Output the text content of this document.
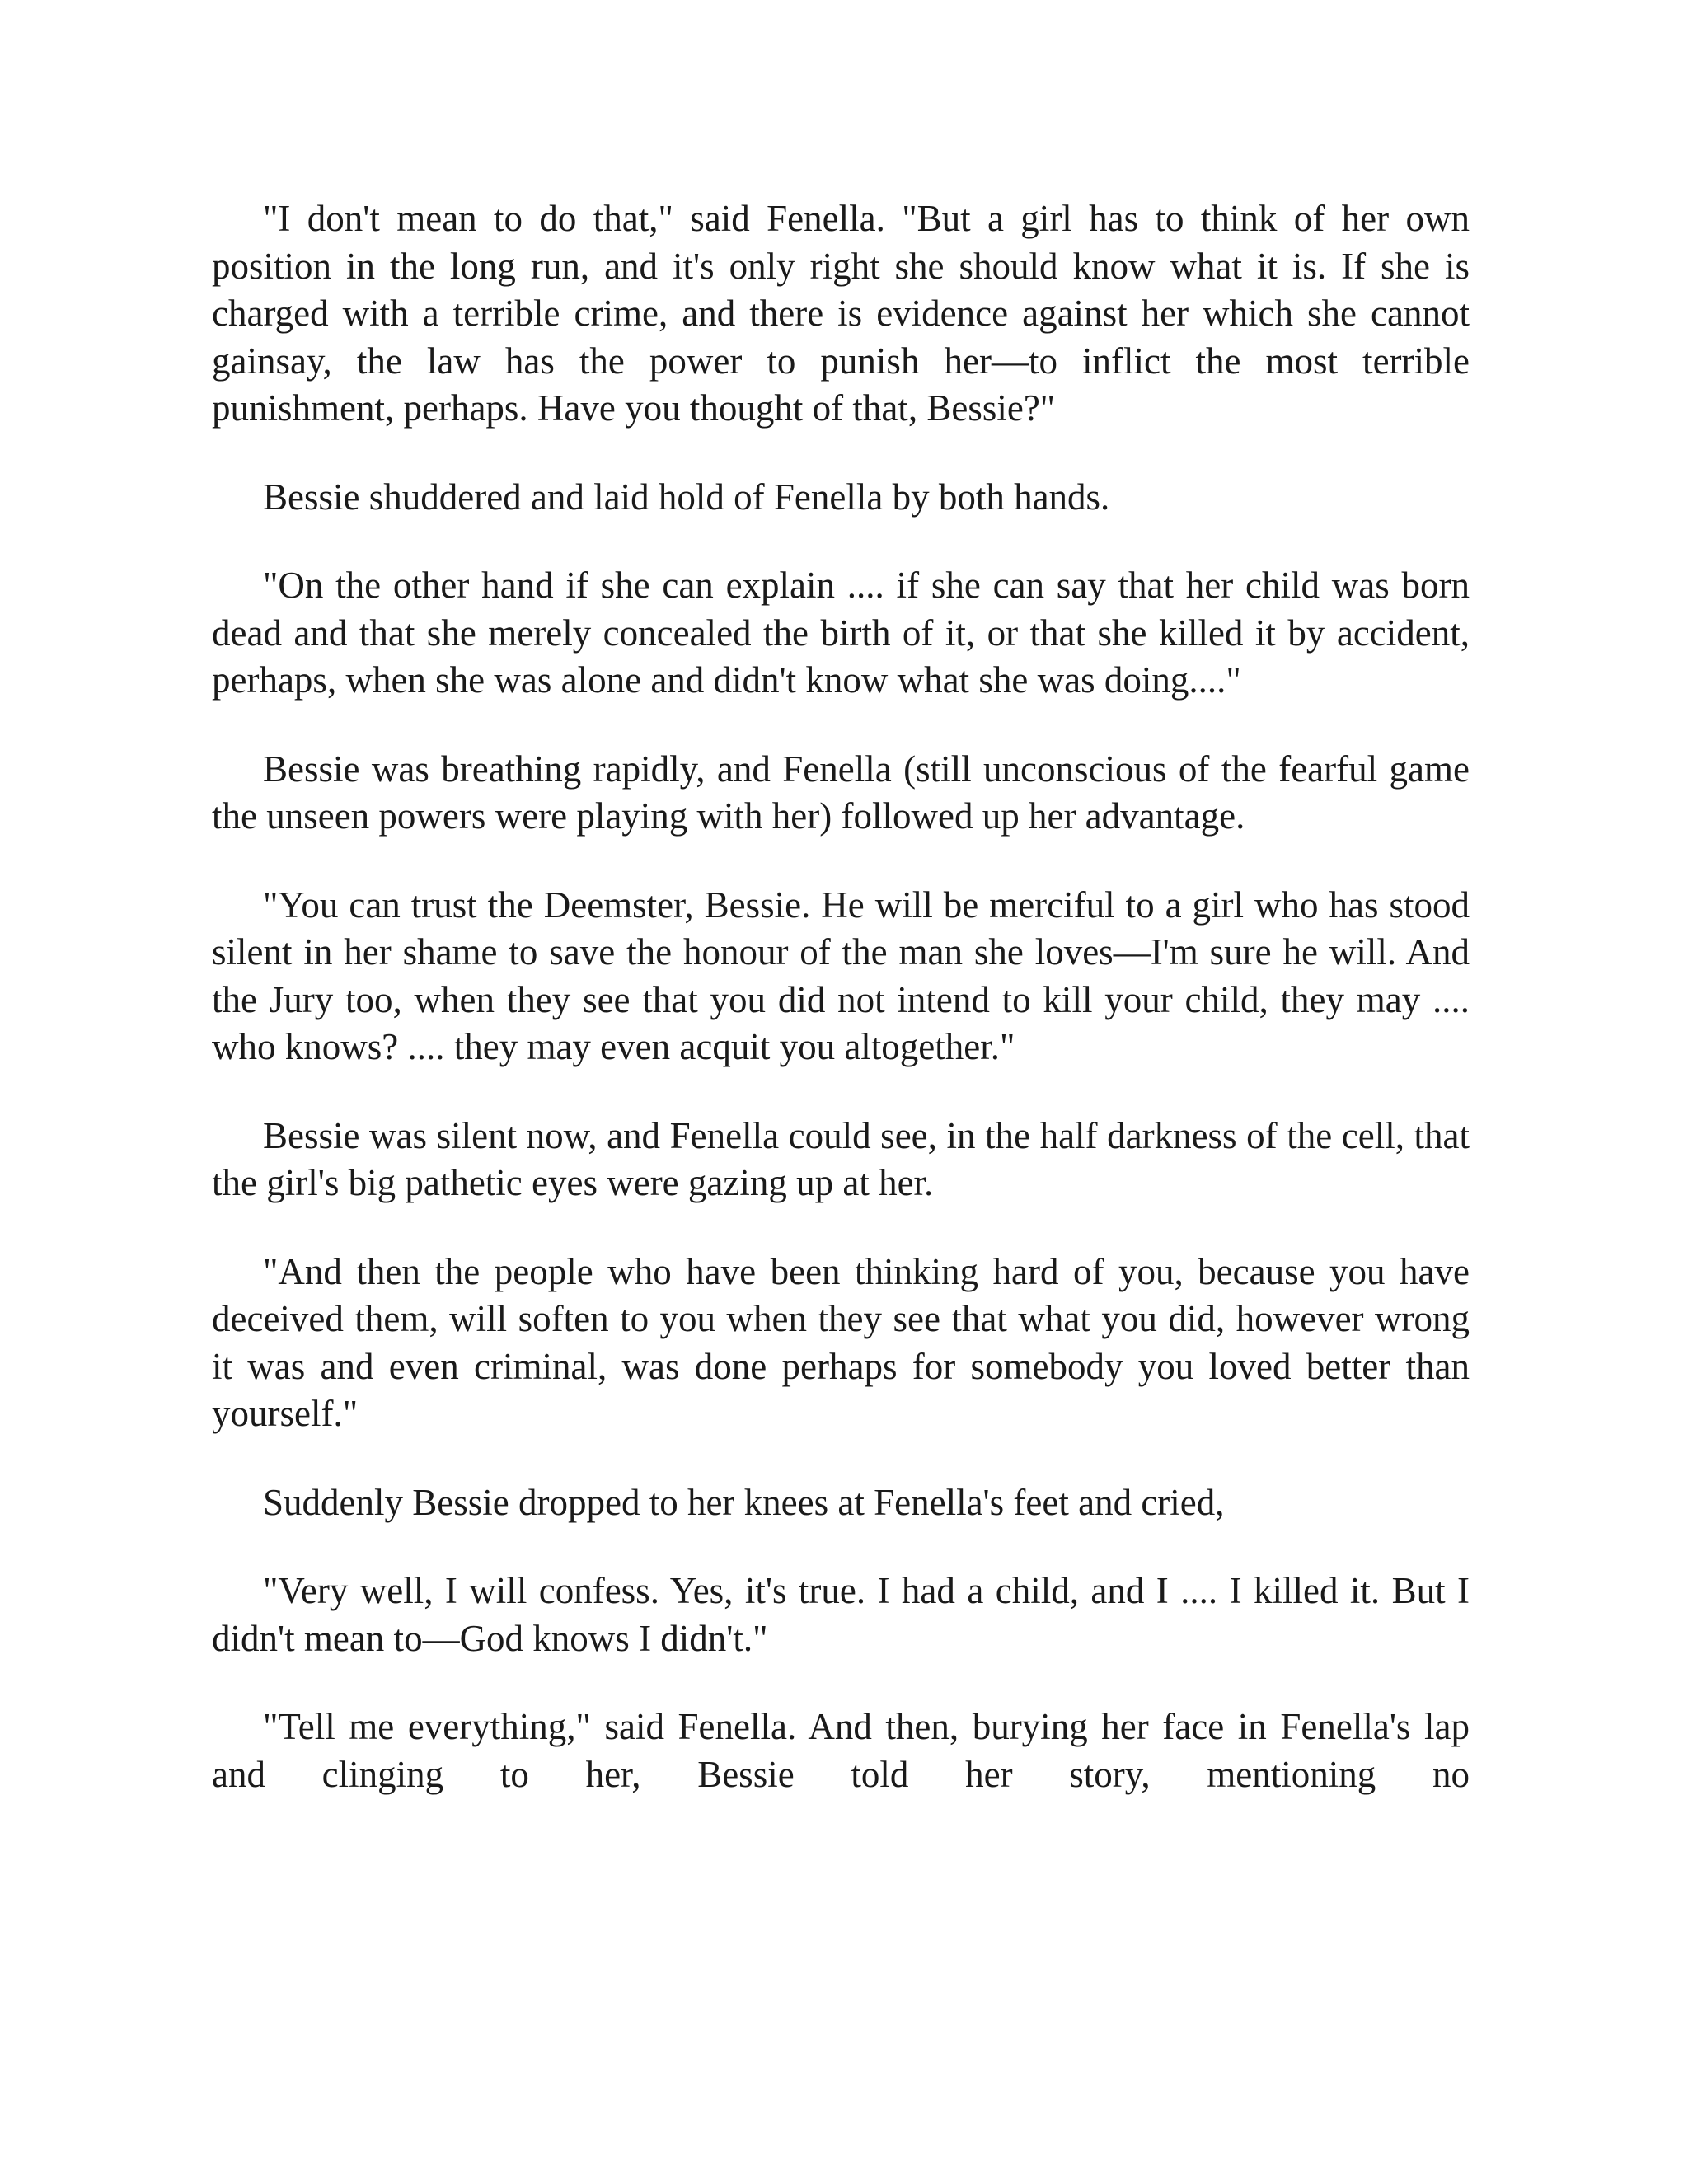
"I don't mean to do that," said Fenella. "But a girl has to think of her own position in the long run, and it's only right she should know what it is. If she is charged with a terrible crime, and there is evidence against her which she cannot gainsay, the law has the power to punish her—to inflict the most terrible punishment, perhaps. Have you thought of that, Bessie?"

Bessie shuddered and laid hold of Fenella by both hands.

"On the other hand if she can explain .... if she can say that her child was born dead and that she merely concealed the birth of it, or that she killed it by accident, perhaps, when she was alone and didn't know what she was doing...."

Bessie was breathing rapidly, and Fenella (still unconscious of the fearful game the unseen powers were playing with her) followed up her advantage.

"You can trust the Deemster, Bessie. He will be merciful to a girl who has stood silent in her shame to save the honour of the man she loves—I'm sure he will. And the Jury too, when they see that you did not intend to kill your child, they may .... who knows? .... they may even acquit you altogether."

Bessie was silent now, and Fenella could see, in the half darkness of the cell, that the girl's big pathetic eyes were gazing up at her.

"And then the people who have been thinking hard of you, because you have deceived them, will soften to you when they see that what you did, however wrong it was and even criminal, was done perhaps for somebody you loved better than yourself."

Suddenly Bessie dropped to her knees at Fenella's feet and cried,

"Very well, I will confess. Yes, it's true. I had a child, and I .... I killed it. But I didn't mean to—God knows I didn't."

"Tell me everything," said Fenella. And then, burying her face in Fenella's lap and clinging to her, Bessie told her story, mentioning no
